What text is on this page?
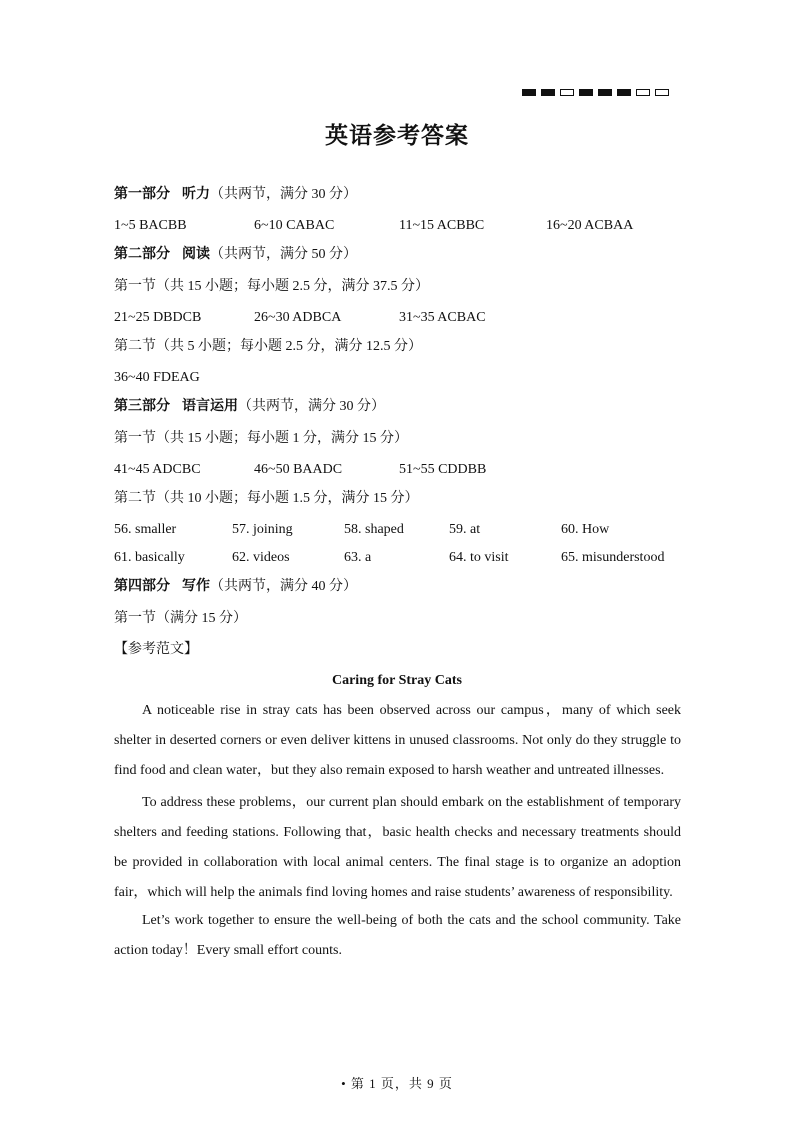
英语参考答案
第一部分 听力（共两节，满分 30 分）
1~5 BACBB	6~10 CABAC	11~15 ACBBC	16~20 ACBAA
第二部分 阅读（共两节，满分 50 分）
第一节（共 15 小题；每小题 2.5 分，满分 37.5 分）
21~25 DBDCB	26~30 ADBCA	31~35 ACBAC
第二节（共 5 小题；每小题 2.5 分，满分 12.5 分）
36~40 FDEAG
第三部分 语言运用（共两节，满分 30 分）
第一节（共 15 小题；每小题 1 分，满分 15 分）
41~45 ADCBC	46~50 BAADC	51~55 CDDBB
第二节（共 10 小题；每小题 1.5 分，满分 15 分）
56. smaller	57. joining	58. shaped	59. at	60. How
61. basically	62. videos	63. a	64. to visit	65. misunderstood
第四部分 写作（共两节，满分 40 分）
第一节（满分 15 分）
【参考范文】
Caring for Stray Cats

A noticeable rise in stray cats has been observed across our campus，many of which seek shelter in deserted corners or even deliver kittens in unused classrooms. Not only do they struggle to find food and clean water，but they also remain exposed to harsh weather and untreated illnesses.

To address these problems，our current plan should embark on the establishment of temporary shelters and feeding stations. Following that，basic health checks and necessary treatments should be provided in collaboration with local animal centers. The final stage is to organize an adoption fair，which will help the animals find loving homes and raise students’ awareness of responsibility.

Let’s work together to ensure the well-being of both the cats and the school community. Take action today！Every small effort counts.

• 第 1 页，共 9 页
